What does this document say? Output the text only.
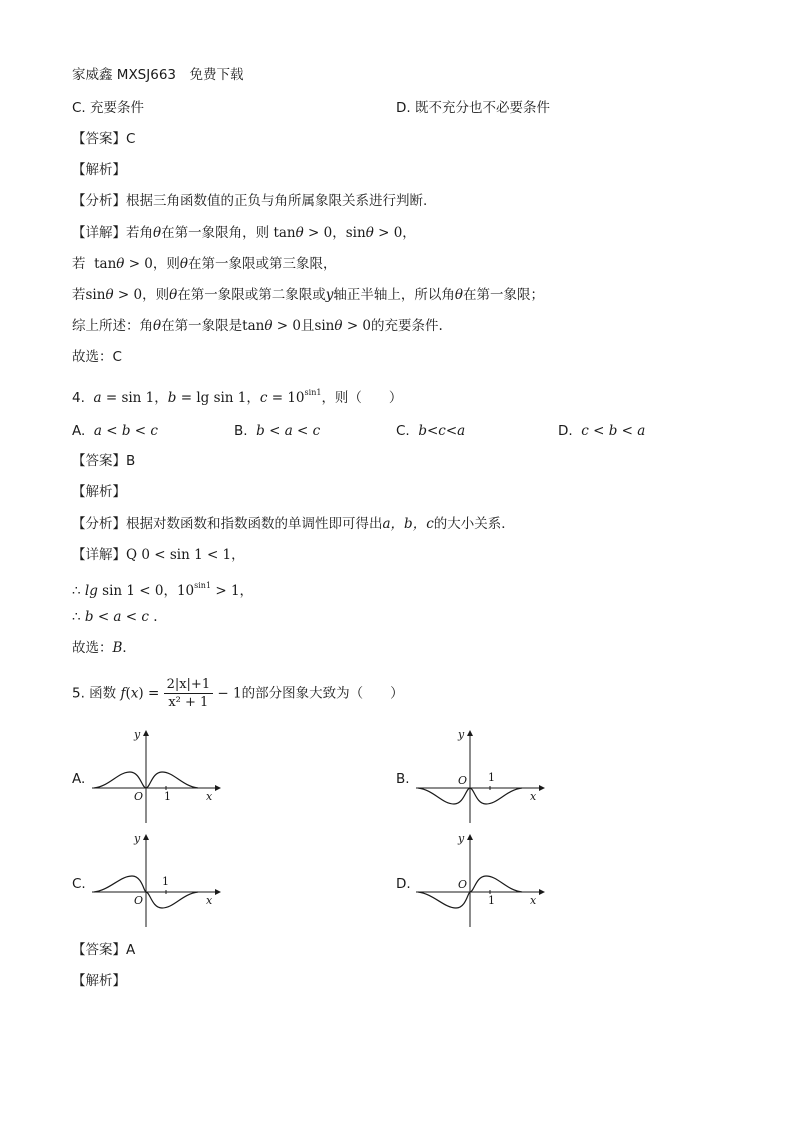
家威鑫 MXSJ663　免费下载
C. 充要条件	D. 既不充分也不必要条件
【答案】C
【解析】
【分析】根据三角函数值的正负与角所属象限关系进行判断.
【详解】若角θ在第一象限角，则 tanθ > 0，sinθ > 0，
若 tanθ > 0，则θ在第一象限或第三象限，
若sinθ > 0，则θ在第一象限或第二象限或y轴正半轴上，所以角θ在第一象限；
综上所述：角θ在第一象限是tanθ > 0且sinθ > 0的充要条件.
故选：C
4. a = sin 1，b = lg sin 1，$c = 10^{sin1}$，则（　　）
A. a < b < c	B. b < a < c	C. b<c<a	D. c < b < a
【答案】B
【解析】
【分析】根据对数函数和指数函数的单调性即可得出a，b，c的大小关系．
【详解】Q 0 < sin 1 < 1，
∴ lg sin 1 < 0，$10^{sin1} > 1$，
∴ b < a < c .
故选：B．
5. 函数 $f(x) = \frac{2|x|+1}{\text{x² + 1}} - 1$的部分图象大致为（　　）
A.
O 1	x
y
B.	O 1
x
y
C.
O
1
x
y
D.	O
1	x
y
【答案】A
【解析】
